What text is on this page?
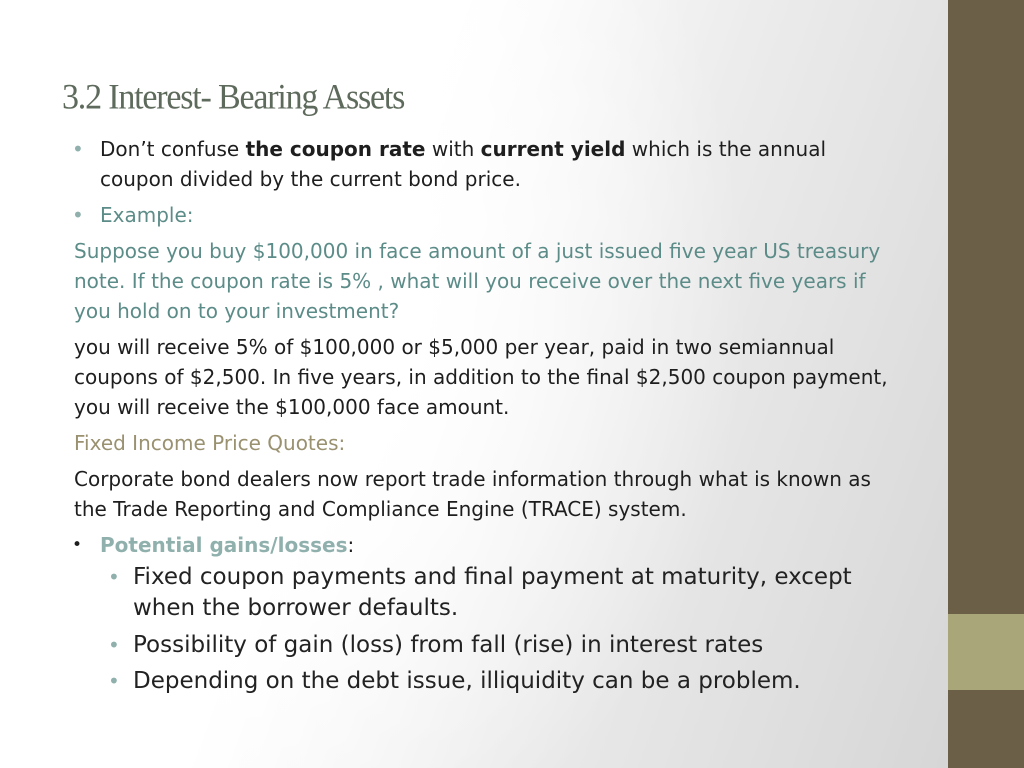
3.2 Interest- Bearing Assets
• Don’t confuse the coupon rate with current yield which is the annual coupon divided by the current bond price.
• Example:
Suppose you buy $100,000 in face amount of a just issued five year US treasury note. If the coupon rate is 5% , what will you receive over the next five years if you hold on to your investment?
you will receive 5% of $100,000 or $5,000 per year, paid in two semiannual coupons of $2,500. In five years, in addition to the final $2,500 coupon payment, you will receive the $100,000 face amount.
Fixed Income Price Quotes:
Corporate bond dealers now report trade information through what is known as the Trade Reporting and Compliance Engine (TRACE) system.
• Potential gains/losses:
• Fixed coupon payments and final payment at maturity, except when the borrower defaults.
• Possibility of gain (loss) from fall (rise) in interest rates
• Depending on the debt issue, illiquidity can be a problem.
